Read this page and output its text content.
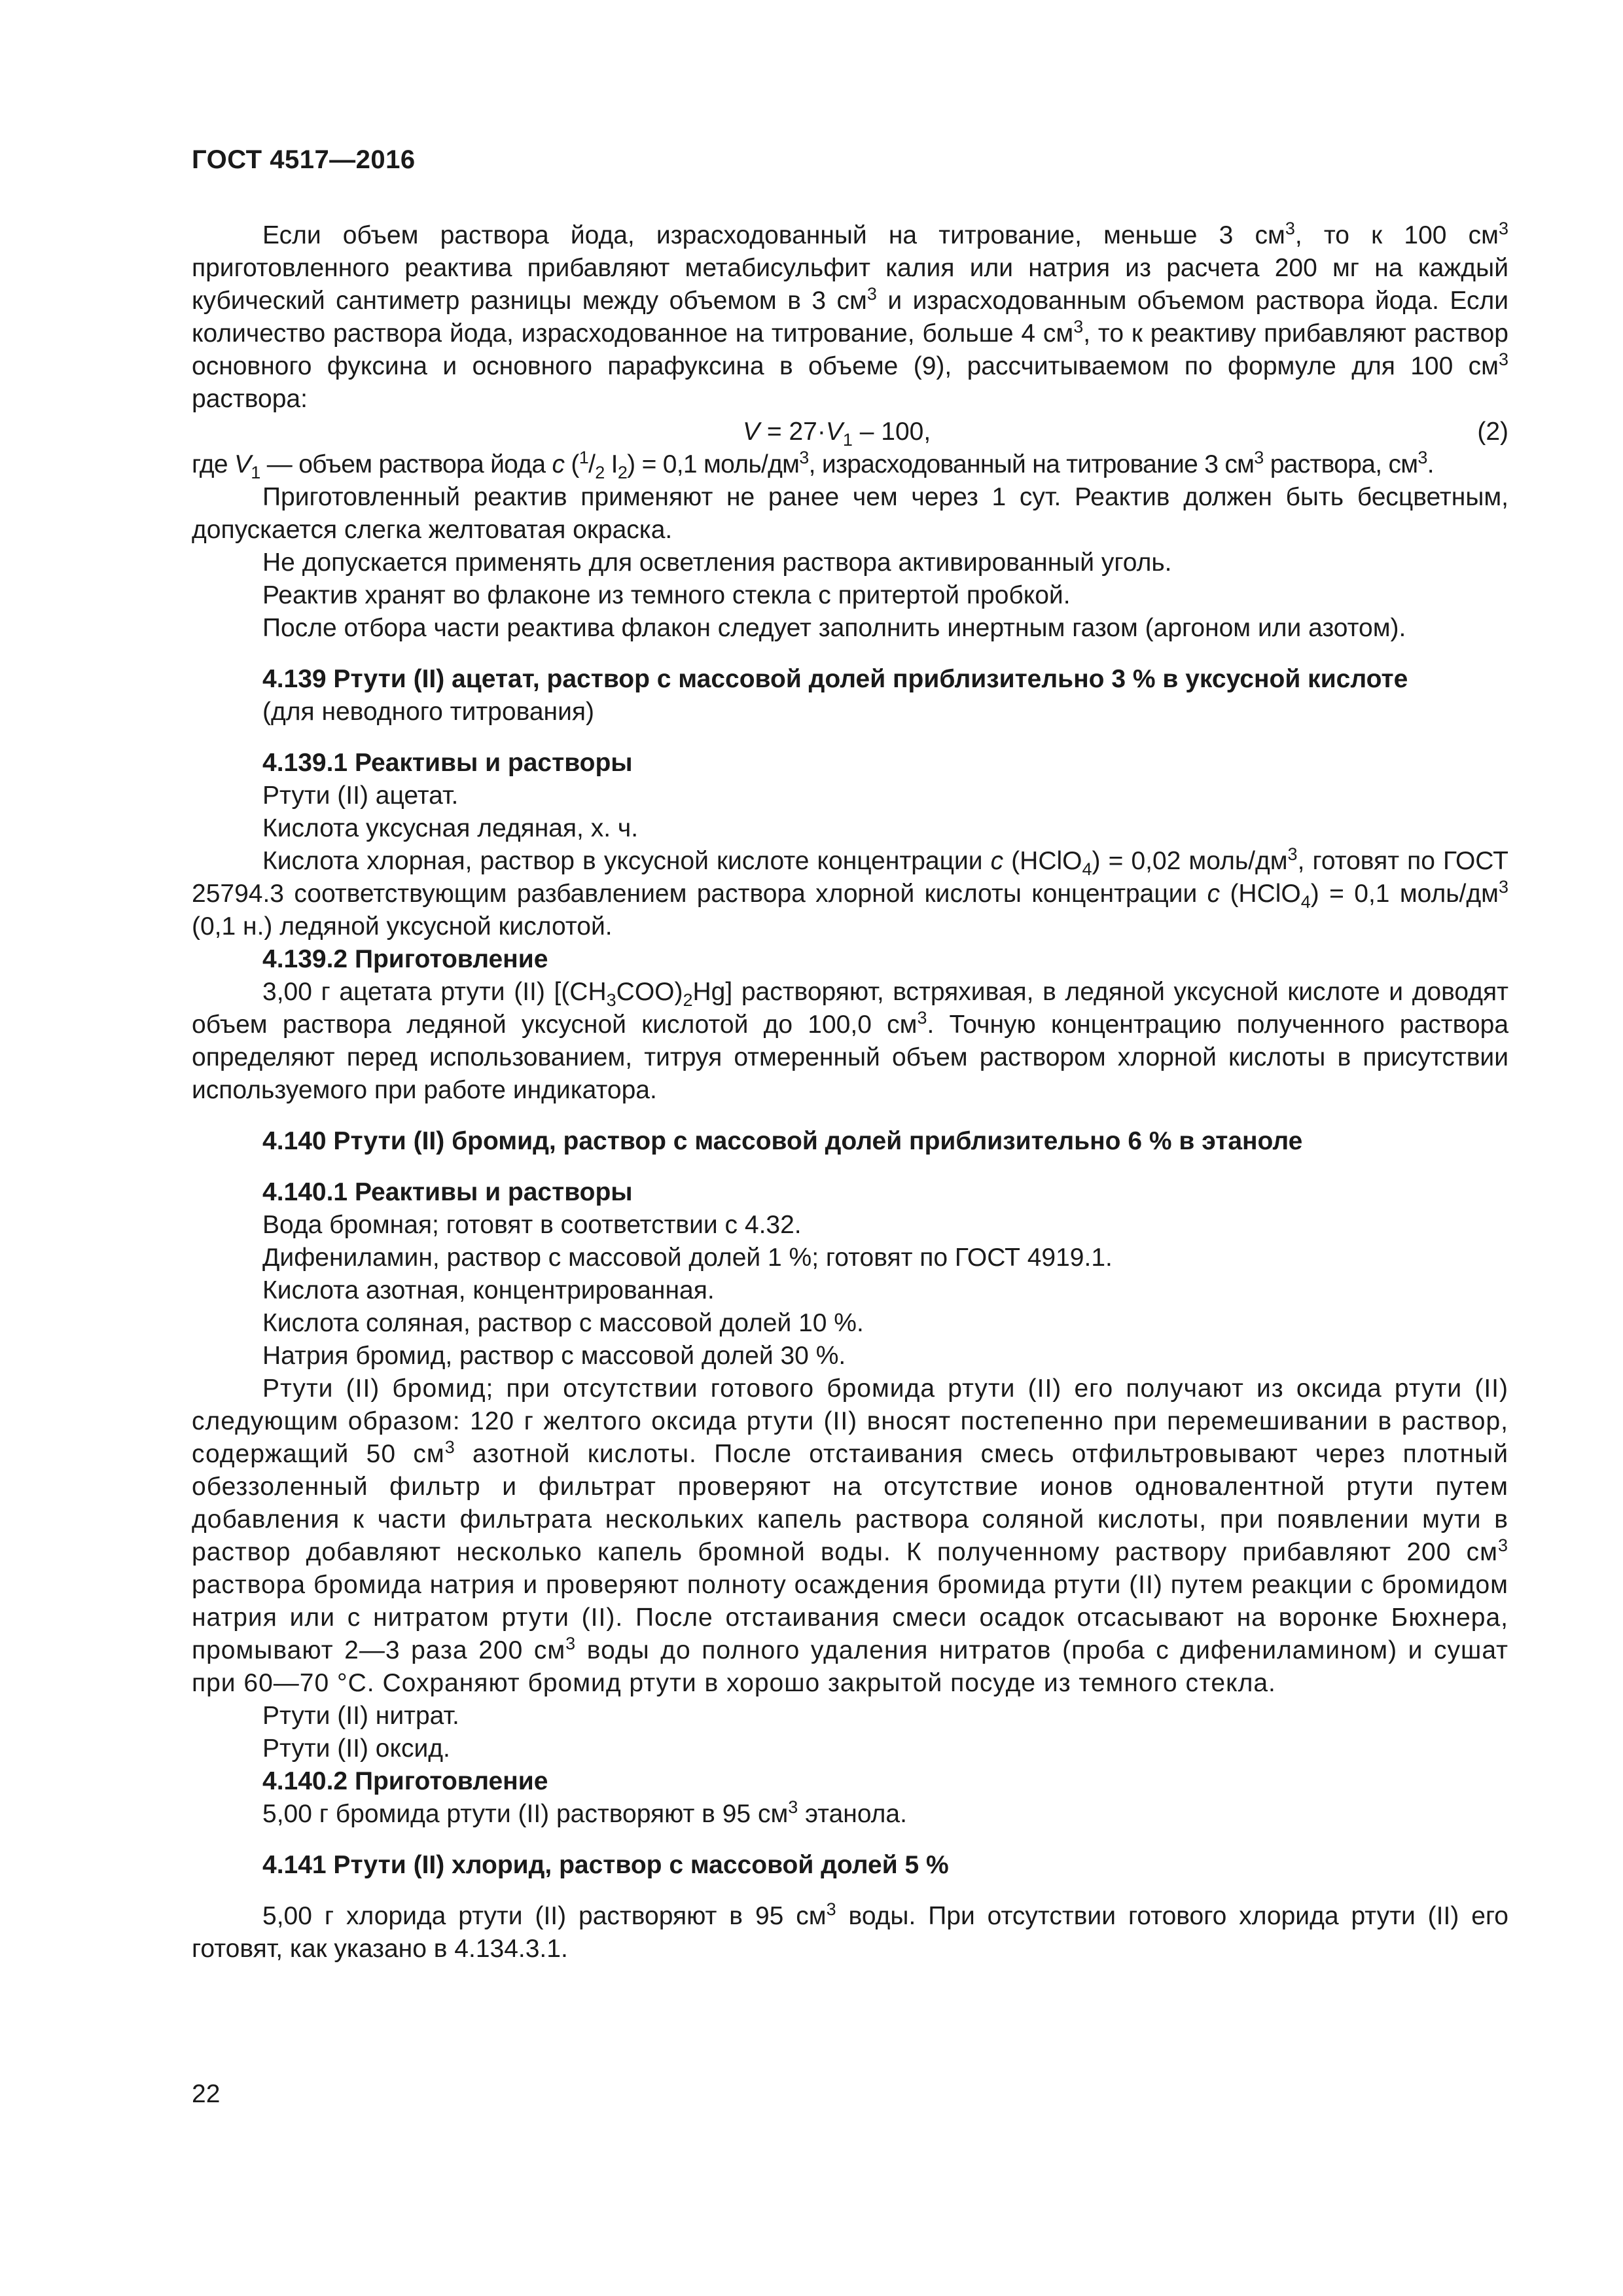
ГОСТ 4517—2016

Если объем раствора йода, израсходованный на титрование, меньше 3 $см^3$, то к 100 $см^3$ приготовленного реактива прибавляют метабисульфит калия или натрия из расчета 200 мг на каждый кубический сантиметр разницы между объемом в 3 $см^3$ и израсходованным объемом раствора йода. Если количество раствора йода, израсходованное на титрование, больше 4 $см^3$, то к реактиву прибавляют раствор основного фуксина и основного парафуксина в объеме (9), рассчитываемом по формуле для 100 $см^3$ раствора:

$V = 27\cdot V_1 - 100$,	(2)

где $V_1$ — объем раствора йода c ($^1/_2$ $I_2) = 0,1$ моль/$дм^3$, израсходованный на титрование 3 $см^3$ раствора, $см^3$.

Приготовленный реактив применяют не ранее чем через 1 сут. Реактив должен быть бесцветным, допускается слегка желтоватая окраска.

Не допускается применять для осветления раствора активированный уголь.

Реактив хранят во флаконе из темного стекла с притертой пробкой.

После отбора части реактива флакон следует заполнить инертным газом (аргоном или азотом).

4.139 Ртути (II) ацетат, раствор с массовой долей приблизительно 3 % в уксусной кислоте

(для неводного титрования)

4.139.1 Реактивы и растворы

Ртути (II) ацетат.

Кислота уксусная ледяная, х. ч.

Кислота хлорная, раствор в уксусной кислоте концентрации c (HClO$_4$) = 0,02 моль/$дм^3$, готовят по ГОСТ 25794.3 соответствующим разбавлением раствора хлорной кислоты концентрации c (HClO$_4$) = 0,1 моль/$дм^3$ (0,1 н.) ледяной уксусной кислотой.

4.139.2 Приготовление

3,00 г ацетата ртути (II) $[(CH_3COO)_2Hg]$ растворяют, встряхивая, в ледяной уксусной кислоте и доводят объем раствора ледяной уксусной кислотой до 100,0 $см^3$. Точную концентрацию полученного раствора определяют перед использованием, титруя отмеренный объем раствором хлорной кислоты в присутствии используемого при работе индикатора.

4.140 Ртути (II) бромид, раствор с массовой долей приблизительно 6 % в этаноле

4.140.1 Реактивы и растворы

Вода бромная; готовят в соответствии с 4.32.

Дифениламин, раствор с массовой долей 1 %; готовят по ГОСТ 4919.1.

Кислота азотная, концентрированная.

Кислота соляная, раствор с массовой долей 10 %.

Натрия бромид, раствор с массовой долей 30 %.

Ртути (II) бромид; при отсутствии готового бромида ртути (II) его получают из оксида ртути (II) следующим образом: 120 г желтого оксида ртути (II) вносят постепенно при перемешивании в раствор, содержащий 50 $см^3$ азотной кислоты. После отстаивания смесь отфильтровывают через плотный обеззоленный фильтр и фильтрат проверяют на отсутствие ионов одновалентной ртути путем добавления к части фильтрата нескольких капель раствора соляной кислоты, при появлении мути в раствор добавляют несколько капель бромной воды. К полученному раствору прибавляют 200 $см^3$ раствора бромида натрия и проверяют полноту осаждения бромида ртути (II) путем реакции с бромидом натрия или с нитратом ртути (II). После отстаивания смеси осадок отсасывают на воронке Бюхнера, промывают 2—3 раза 200 $см^3$ воды до полного удаления нитратов (проба с дифениламином) и сушат при 60—70 °C. Сохраняют бромид ртути в хорошо закрытой посуде из темного стекла.

Ртути (II) нитрат.

Ртути (II) оксид.

4.140.2 Приготовление

5,00 г бромида ртути (II) растворяют в 95 $см^3$ этанола.

4.141 Ртути (II) хлорид, раствор с массовой долей 5 %

5,00 г хлорида ртути (II) растворяют в 95 $см^3$ воды. При отсутствии готового хлорида ртути (II) его готовят, как указано в 4.134.3.1.

22
